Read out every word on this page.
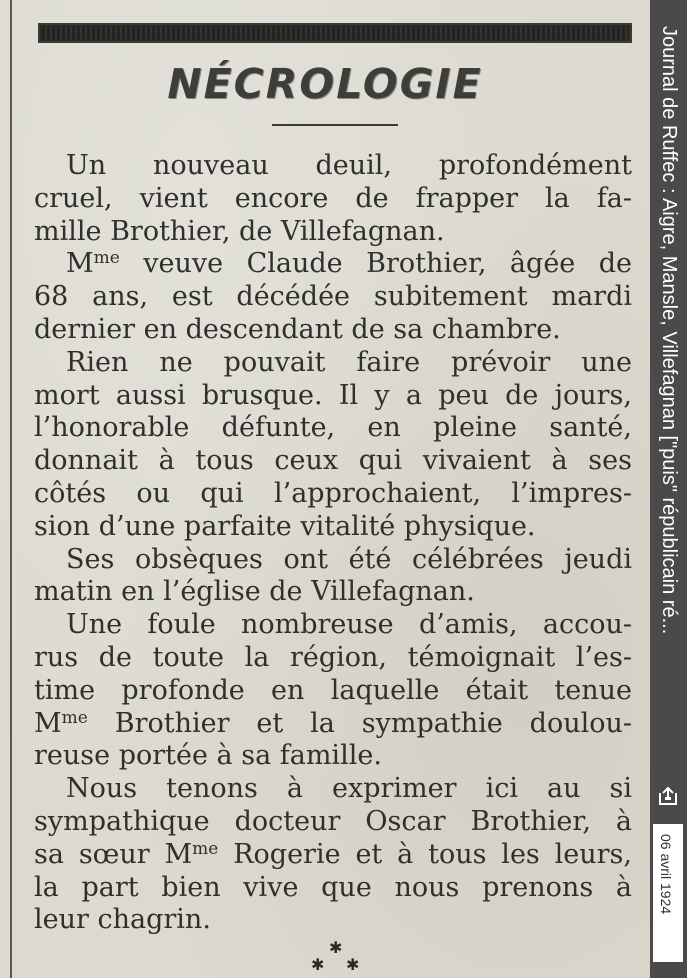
NÉCROLOGIE
Un nouveau deuil, profondément
cruel, vient encore de frapper la fa-
mille Brothier, de Villefagnan.
$M^{me}$ veuve Claude Brothier, âgée de
68 ans, est décédée subitement mardi
dernier en descendant de sa chambre.
Rien ne pouvait faire prévoir une
mort aussi brusque. Il y a peu de jours,
l’honorable défunte, en pleine santé,
donnait à tous ceux qui vivaient à ses
côtés ou qui l’approchaient, l’impres-
sion d’une parfaite vitalité physique.
Ses obsèques ont été célébrées jeudi
matin en l’église de Villefagnan.
Une foule nombreuse d’amis, accou-
rus de toute la région, témoignait l’es-
time profonde en laquelle était tenue
$M^{me}$ Brothier et la sympathie doulou-
reuse portée à sa famille.
Nous tenons à exprimer ici au si
sympathique docteur Oscar Brothier, à
sa sœur $M^{me}$ Rogerie et à tous les leurs,
la part bien vive que nous prenons à
leur chagrin.
✱
✱ ✱
Journal de Ruffec : Aigre, Mansle, Villefagnan ["puis" républicain ré...
06 avril 1924
